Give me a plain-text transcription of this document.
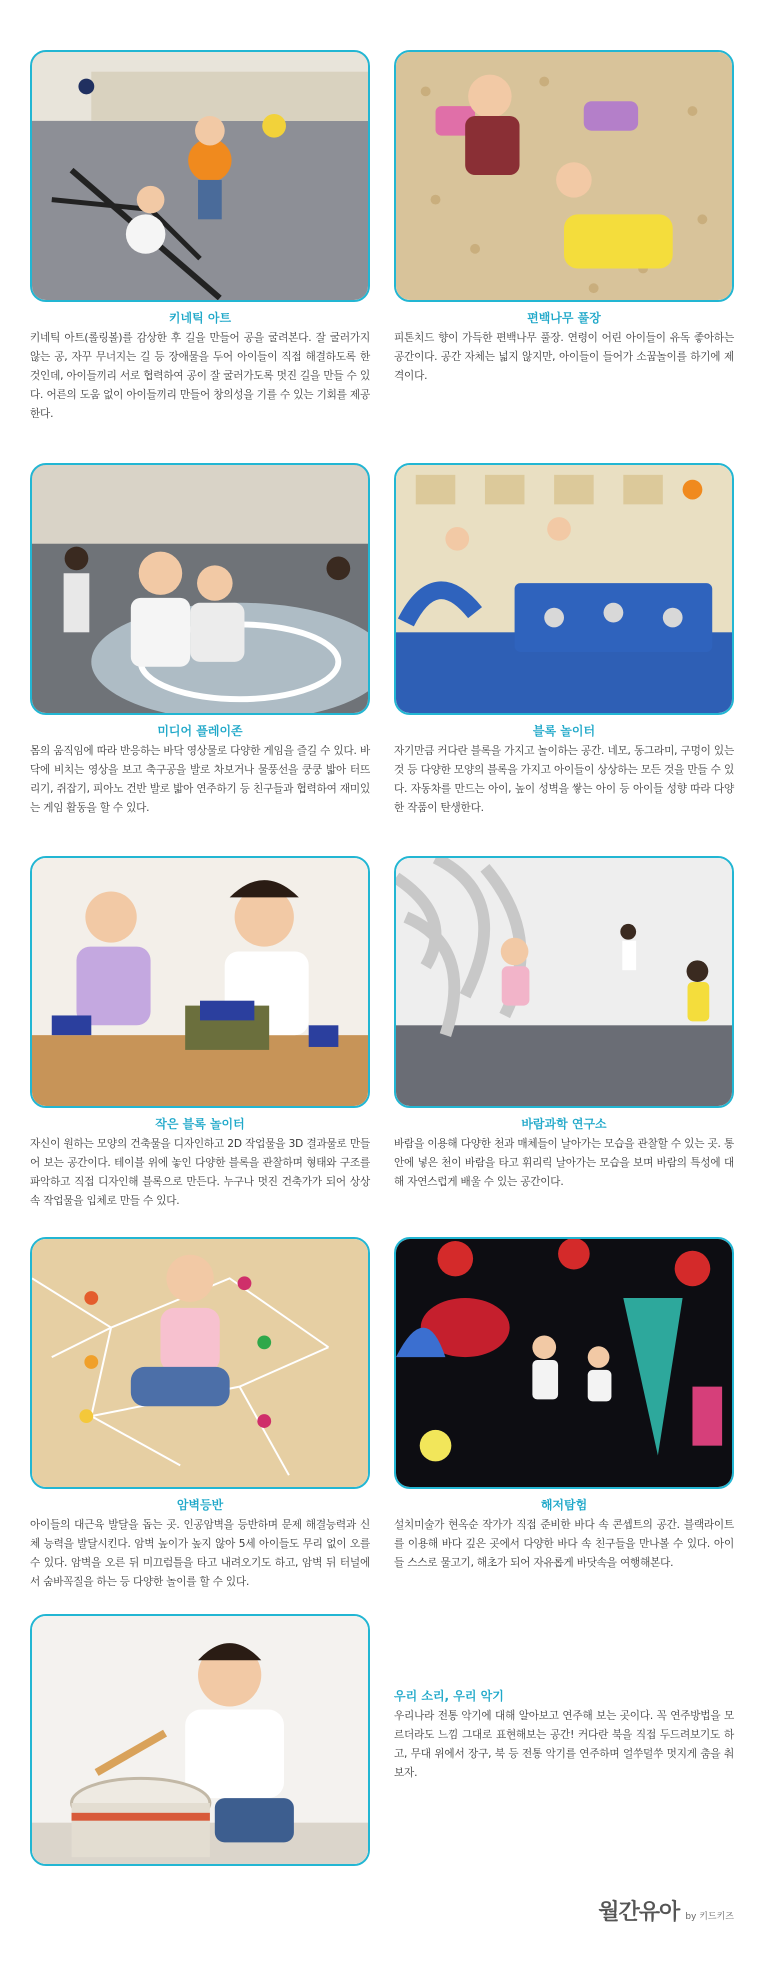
키네틱 아트
키네틱 아트(롤링볼)를 감상한 후 길을 만들어 공을 굴려본다. 잘 굴러가지 않는 공, 자꾸 무너지는 길 등 장애물을 두어 아이들이 직접 해결하도록 한 것인데, 아이들끼리 서로 협력하여 공이 잘 굴러가도록 멋진 길을 만들 수 있다. 어른의 도움 없이 아이들끼리 만들어 창의성을 기를 수 있는 기회를 제공한다.
편백나무 풀장
피톤치드 향이 가득한 편백나무 풀장. 연령이 어린 아이들이 유독 좋아하는 공간이다. 공간 자체는 넓지 않지만, 아이들이 들어가 소꿉놀이를 하기에 제격이다.
미디어 플레이존
몸의 움직임에 따라 반응하는 바닥 영상물로 다양한 게임을 즐길 수 있다. 바닥에 비치는 영상을 보고 축구공을 발로 차보거나 물풍선을 쿵쿵 밟아 터뜨리기, 쥐잡기, 피아노 건반 발로 밟아 연주하기 등 친구들과 협력하여 재미있는 게임 활동을 할 수 있다.
블록 놀이터
자기만큼 커다란 블록을 가지고 놀이하는 공간. 네모, 동그라미, 구멍이 있는 것 등 다양한 모양의 블록을 가지고 아이들이 상상하는 모든 것을 만들 수 있다. 자동차를 만드는 아이, 높이 성벽을 쌓는 아이 등 아이들 성향 따라 다양한 작품이 탄생한다.
작은 블록 놀이터
자신이 원하는 모양의 건축물을 디자인하고 2D 작업물을 3D 결과물로 만들어 보는 공간이다. 테이블 위에 놓인 다양한 블록을 관찰하며 형태와 구조를 파악하고 직접 디자인해 블록으로 만든다. 누구나 멋진 건축가가 되어 상상 속 작업물을 입체로 만들 수 있다.
바람과학 연구소
바람을 이용해 다양한 천과 매체들이 날아가는 모습을 관찰할 수 있는 곳. 통 안에 넣은 천이 바람을 타고 휘리릭 날아가는 모습을 보며 바람의 특성에 대해 자연스럽게 배울 수 있는 공간이다.
암벽등반
아이들의 대근육 발달을 돕는 곳. 인공암벽을 등반하며 문제 해결능력과 신체 능력을 발달시킨다. 암벽 높이가 높지 않아 5세 아이들도 무리 없이 오를 수 있다. 암벽을 오른 뒤 미끄럼틀을 타고 내려오기도 하고, 암벽 뒤 터널에서 숨바꼭질을 하는 등 다양한 놀이를 할 수 있다.
해저탐험
설치미술가 현옥순 작가가 직접 준비한 바다 속 콘셉트의 공간. 블랙라이트를 이용해 바다 깊은 곳에서 다양한 바다 속 친구들을 만나볼 수 있다. 아이들 스스로 물고기, 해초가 되어 자유롭게 바닷속을 여행해본다.
우리 소리, 우리 악기
우리나라 전통 악기에 대해 알아보고 연주해 보는 곳이다. 꼭 연주방법을 모르더라도 느낌 그대로 표현해보는 공간! 커다란 북을 직접 두드려보기도 하고, 무대 위에서 장구, 북 등 전통 악기를 연주하며 얼쑤덜쑤 멋지게 춤을 춰 보자.
월간유아 by 키드키즈
